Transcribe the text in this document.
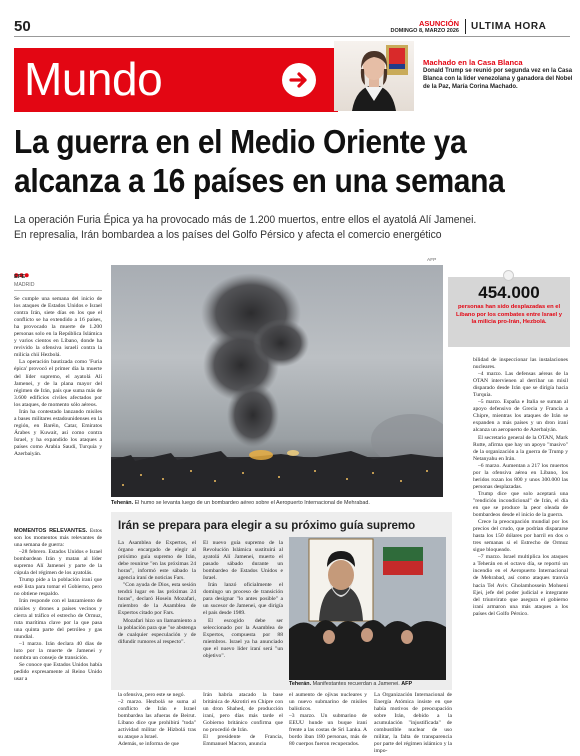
50	ASUNCIÓN
DOMINGO 8, MARZO 2026 ULTIMA HORA
Mundo	Machado en la Casa Blanca
Donald Trump se reunió por segunda vez en la Casa Blanca con la líder venezolana y ganadora del Nobel de la Paz, María Corina Machado.
La guerra en el Medio Oriente ya
alcanza a 16 países en una semana
La operación Furia Épica ya ha provocado más de 1.200 muertos, entre ellos el ayatolá Alí Jamenei.
En represalia, Irán bombardea a los países del Golfo Pérsico y afecta el comercio energético
EFE
MADRID

Se cumple una semana del inicio de los ataques de Estados Unidos e Israel contra Irán, siete días en los que el conflicto se ha extendido a 16 países, ha provocado la muerte de 1.200 personas solo en la República Islámica y varios cientos en Líbano, donde ha revivido la ofensiva israelí contra la milicia chií Hezbolá.

La operación bautizada como 'Furia épica' provocó el primer día la muerte del líder supremo, el ayatolá Alí Jamenei, y de la plana mayor del régimen de Irán, país que suma más de 3.600 edificios civiles afectados por los ataques, de momento sólo aéreos.

Irán ha contestado lanzando misiles a bases militares estadounidenses en la región, en Baréin, Catar, Emiratos Árabes y Kuwait, así como contra Israel, y ha expandido los ataques a países como Arabia Saudí, Turquía y Azerbaiyán.

MOMENTOS RELEVANTES. Estos son los momentos más relevantes de una semana de guerra:

–28 febrero. Estados Unidos e Israel bombardean Irán y matan al líder supremo Alí Jamenei y parte de la cúpula del régimen de los ayatolás.

Trump pide a la población iraní que esté lista para tomar el Gobierno, pero no obtiene respaldo.

Irán responde con el lanzamiento de misiles y drones a países vecinos y cierra al tráfico el estrecho de Ormuz, ruta marítima clave por la que pasa una quinta parte del petróleo y gas mundial.

–1 marzo. Irán declara 40 días de luto por la muerte de Jamenei y nombra un consejo de transición.

Se conoce que Estados Unidos había pedido expresamente al Reino Unido usar a

AFP
Teherán. El humo se levanta luego de un bombardeo aéreo sobre el Aeropuerto Internacional de Mehrabad.
454.000
personas han sido desplazadas en el Líbano por los combates entre Israel y la milicia pro-Irán, Hezbolá.

bilidad de inspeccionar las instalaciones nucleares.

–4 marzo. Las defensas aéreas de la OTAN intervienen al derribar un misil disparado desde Irán que se dirigía hacia Turquía.

–5 marzo. España e Italia se suman al apoyo defensivo de Grecia y Francia a Chipre, mientras los ataques de Irán se expanden a más países y un dron iraní alcanza un aeropuerto de Azerbaiyán.

El secretario general de la OTAN, Mark Rutte, afirma que hay un apoyo "masivo" de la organización a la guerra de Trump y Netanyahu en Irán.

–6 marzo. Aumentan a 217 los muertos por la ofensiva aérea en Líbano, los heridos rozan los 800 y unos 300.000 las personas desplazadas.

Trump dice que solo aceptará una "rendición incondicional" de Irán, el día en que se produce la peor oleada de bombardeos desde el inicio de la guerra.

Crece la preocupación mundial por los precios del crudo, que podrían dispararse hasta los 150 dólares por barril en dos o tres semanas si el Estrecho de Ormuz sigue bloqueado.

–7 marzo. Israel multiplica los ataques a Teherán en el octavo día, se reportó un incendio en el Aeropuerto Internacional de Mehrabad, así como ataques tranvía hacia Tel Aviv. Gholamhossein Mohseni Ejei, jefe del poder judicial e integrante del triunvirato que asegura el gobierno iraní armaron una más ataques a los países del Golfo Pérsico.

Irán se prepara para elegir a su próximo guía supremo

La Asamblea de Expertos, el órgano encargado de elegir al próximo guía supremo de Irán, debe reunirse "en las próximas 24 horas", informó este sábado la agencia iraní de noticias Fars.

"Con ayuda de Dios, esta sesión tendrá lugar en las próximas 24 horas", declaró Hosein Mozafari, miembro de la Asamblea de Expertos citado por Fars.

Mozafari hizo un llamamiento a la población para que "se abstenga de cualquier especulación y de difundir rumores al respecto".

El nuevo guía supremo de la Revolución Islámica sustituirá al ayatolá Alí Jamenei, muerto el pasado sábado durante un bombardeo de Estados Unidos e Israel.

Irán lanzó oficialmente el domingo un proceso de transición para designar "lo antes posible" a un sucesor de Jamenei, que dirigía el país desde 1989.

El escogido debe ser seleccionado por la Asamblea de Expertos, compuesta por 88 miembros. Israel ya ha anunciado que el nuevo líder iraní será "un objetivo".

Teherán. Manifestantes recuerdan a Jamenei. AFP

la ofensiva, pero este se negó.
–2 marzo. Hezbolá se suma al conflicto de Irán e Israel bombardea las afueras de Beirut. Líbano dice que prohibirá "toda" actividad militar de Hizbolá tras su ataque a Israel.
Además, se informa de que

Irán habría atacado la base británica de Akrotiri en Chipre con un dron Shahed, de producción iraní, pero días más tarde el Gobierno británico confirma que no procedió de Irán.
El presidente de Francia, Emmanuel Macron, anuncia

el aumento de ojivas nucleares y un nuevo submarino de misiles balísticos.
–3 marzo. Un submarino de EEUU hunde un buque iraní frente a las costas de Sri Lanka. A bordo iban 180 personas, más de 80 cuerpos fueron recuperados.

La Organización Internacional de Energía Atómica insiste en que había motivos de preocupación sobre Irán, debido a la acumulación "injustificada" de combustible nuclear de uso militar, la falta de transparencia por parte del régimen islámico y la impo-
